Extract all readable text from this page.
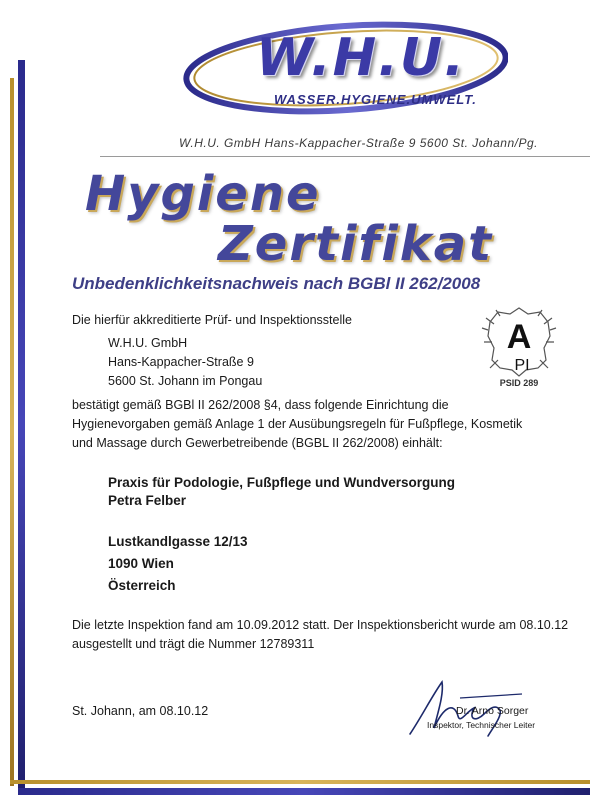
W.H.U.
WASSER.HYGIENE.UMWELT.
W.H.U. GmbH Hans-Kappacher-Straße 9 5600 St. Johann/Pg.
Hygiene
Zertifikat
Unbedenklichkeitsnachweis nach BGBl II 262/2008
Die hierfür akkreditierte Prüf- und Inspektionsstelle
W.H.U. GmbH
Hans-Kappacher-Straße 9
5600 St. Johann im Pongau
A
PI
PSID 289
bestätigt gemäß BGBl II 262/2008 §4, dass folgende Einrichtung die Hygienevorgaben gemäß Anlage 1 der Ausübungsregeln für Fußpflege, Kosmetik und Massage durch Gewerbetreibende (BGBL II 262/2008) einhält:
Praxis für Podologie, Fußpflege und Wundversorgung
Petra Felber
Lustkandlgasse 12/13
1090 Wien
Österreich
Die letzte Inspektion fand am 10.09.2012 statt. Der Inspektionsbericht wurde am 08.10.12 ausgestellt und trägt die Nummer 12789311
St. Johann, am 08.10.12	Dr. Arno Sorger
Inspektor, Technischer Leiter
